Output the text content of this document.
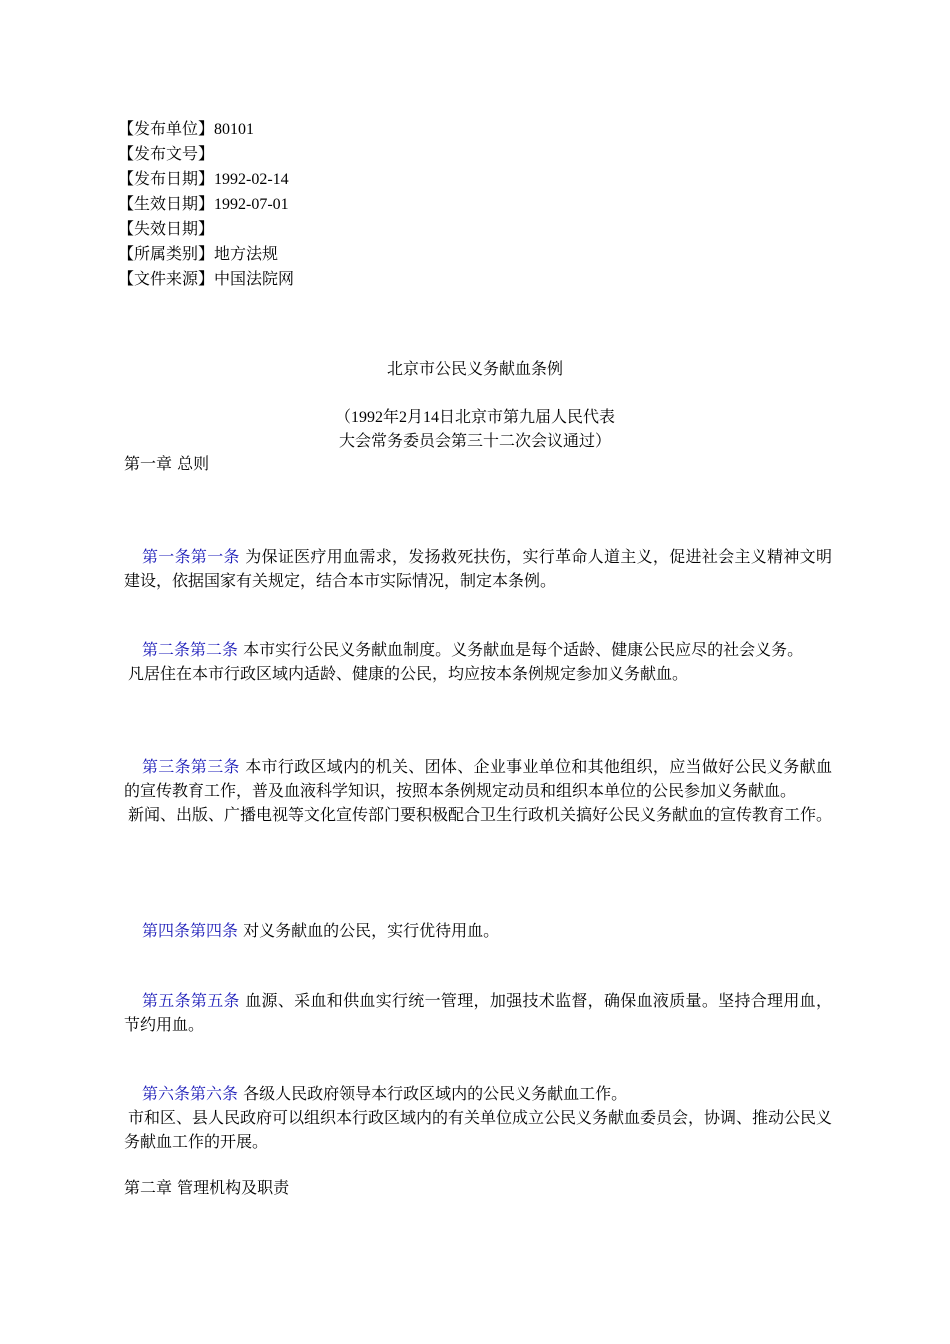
【发布单位】80101
【发布文号】
【发布日期】1992-02-14
【生效日期】1992-07-01
【失效日期】
【所属类别】地方法规
【文件来源】中国法院网
北京市公民义务献血条例
（1992年2月14日北京市第九届人民代表
大会常务委员会第三十二次会议通过）
第一章 总则

第一条第一条 为保证医疗用血需求，发扬救死扶伤，实行革命人道主义，促进社会主义精神文明建设，依据国家有关规定，结合本市实际情况，制定本条例。

第二条第二条 本市实行公民义务献血制度。义务献血是每个适龄、健康公民应尽的社会义务。

凡居住在本市行政区域内适龄、健康的公民，均应按本条例规定参加义务献血。

第三条第三条 本市行政区域内的机关、团体、企业事业单位和其他组织，应当做好公民义务献血的宣传教育工作，普及血液科学知识，按照本条例规定动员和组织本单位的公民参加义务献血。

新闻、出版、广播电视等文化宣传部门要积极配合卫生行政机关搞好公民义务献血的宣传教育工作。

第四条第四条 对义务献血的公民，实行优待用血。

第五条第五条 血源、采血和供血实行统一管理，加强技术监督，确保血液质量。坚持合理用血，节约用血。

第六条第六条 各级人民政府领导本行政区域内的公民义务献血工作。

市和区、县人民政府可以组织本行政区域内的有关单位成立公民义务献血委员会，协调、推动公民义务献血工作的开展。

第二章 管理机构及职责
